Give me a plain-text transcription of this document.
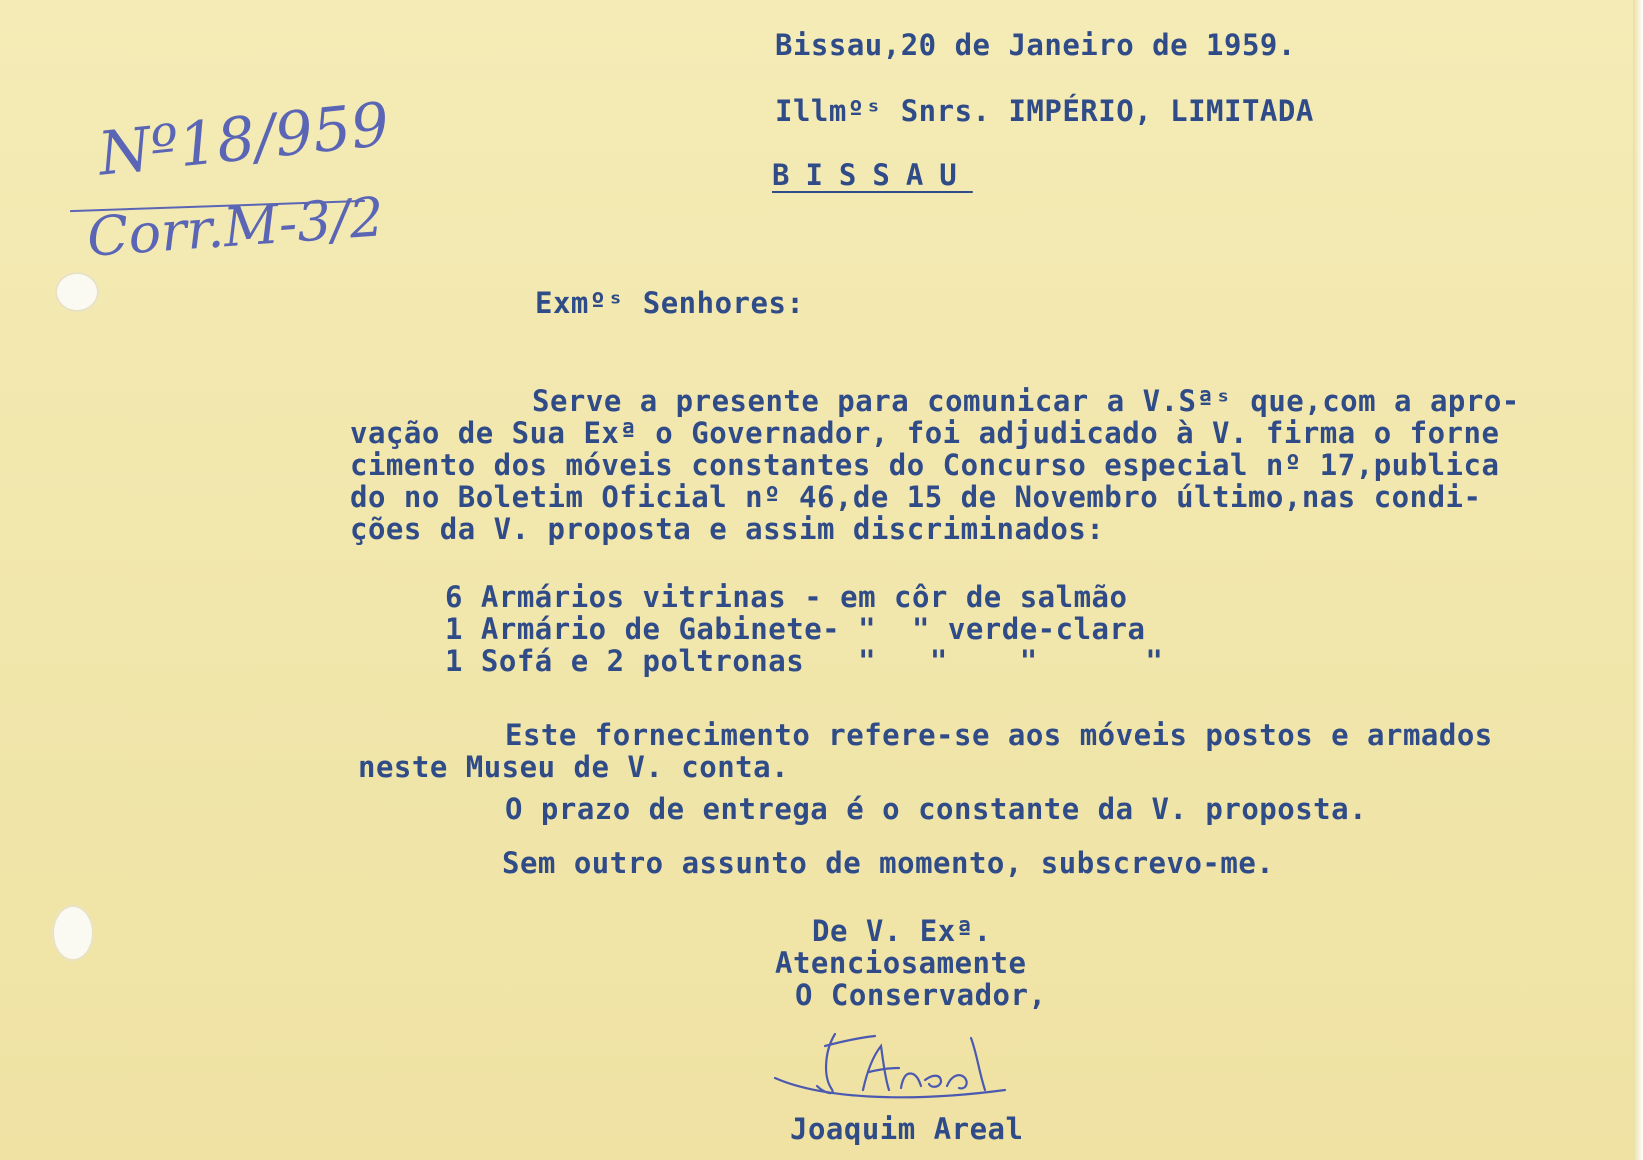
Nº18/959
Corr.M-3/2
Bissau,20 de Janeiro de 1959.
Illmºˢ Snrs. IMPÉRIO, LIMITADA
BISSAU
Exmºˢ Senhores:
Serve a presente para comunicar a V.Sªˢ que,com a apro-
vação de Sua Exª o Governador, foi adjudicado à V. firma o forne
cimento dos móveis constantes do Concurso especial nº 17,publica
do no Boletim Oficial nº 46,de 15 de Novembro último,nas condi-
ções da V. proposta e assim discriminados:
6 Armários vitrinas - em côr de salmão
1 Armário de Gabinete- "  " verde-clara
1 Sofá e 2 poltronas   "   "    "      "
Este fornecimento refere-se aos móveis postos e armados
neste Museu de V. conta.
O prazo de entrega é o constante da V. proposta.
Sem outro assunto de momento, subscrevo-me.
De V. Exª.
Atenciosamente
O Conservador,
Joaquim Areal
